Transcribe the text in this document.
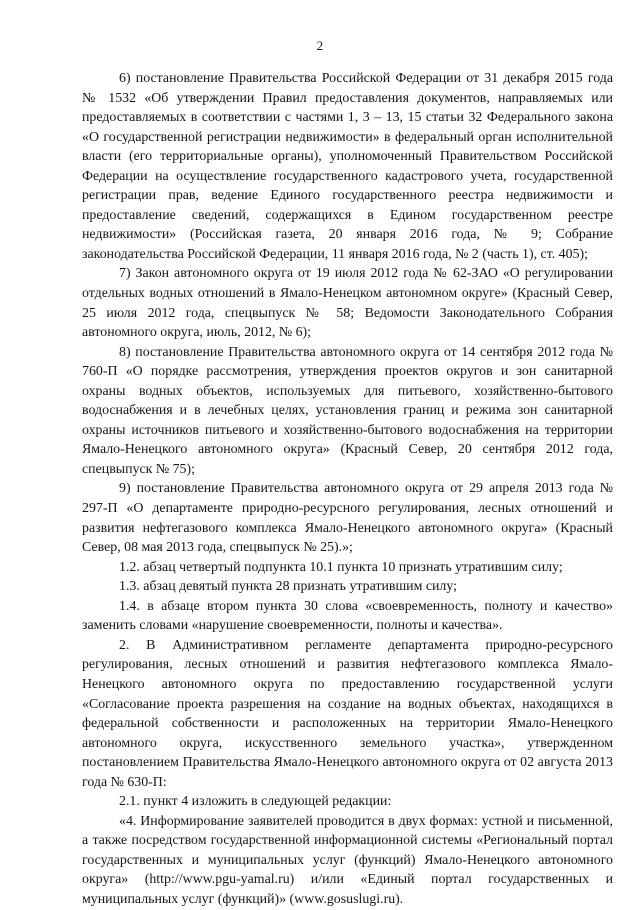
2

6) постановление Правительства Российской Федерации от 31 декабря 2015 года № 1532 «Об утверждении Правил предоставления документов, направляемых или предоставляемых в соответствии с частями 1, 3 – 13, 15 статьи 32 Федерального закона «О государственной регистрации недвижимости» в федеральный орган исполнительной власти (его территориальные органы), уполномоченный Правительством Российской Федерации на осуществление государственного кадастрового учета, государственной регистрации прав, ведение Единого государственного реестра недвижимости и предоставление сведений, содержащихся в Едином государственном реестре недвижимости» (Российская газета, 20 января 2016 года, № 9; Собрание законодательства Российской Федерации, 11 января 2016 года, № 2 (часть 1), ст. 405);

7) Закон автономного округа от 19 июля 2012 года № 62-ЗАО «О регулировании отдельных водных отношений в Ямало-Ненецком автономном округе» (Красный Север, 25 июля 2012 года, спецвыпуск № 58; Ведомости Законодательного Собрания автономного округа, июль, 2012, № 6);

8) постановление Правительства автономного округа от 14 сентября 2012 года № 760-П «О порядке рассмотрения, утверждения проектов округов и зон санитарной охраны водных объектов, используемых для питьевого, хозяйственно-бытового водоснабжения и в лечебных целях, установления границ и режима зон санитарной охраны источников питьевого и хозяйственно-бытового водоснабжения на территории Ямало-Ненецкого автономного округа» (Красный Север, 20 сентября 2012 года, спецвыпуск № 75);

9) постановление Правительства автономного округа от 29 апреля 2013 года № 297-П «О департаменте природно-ресурсного регулирования, лесных отношений и развития нефтегазового комплекса Ямало-Ненецкого автономного округа» (Красный Север, 08 мая 2013 года, спецвыпуск № 25).»;

1.2. абзац четвертый подпункта 10.1 пункта 10 признать утратившим силу;

1.3. абзац девятый пункта 28 признать утратившим силу;

1.4. в абзаце втором пункта 30 слова «своевременность, полноту и качество» заменить словами «нарушение своевременности, полноты и качества».

2. В Административном регламенте департамента природно-ресурсного регулирования, лесных отношений и развития нефтегазового комплекса Ямало-Ненецкого автономного округа по предоставлению государственной услуги «Согласование проекта разрешения на создание на водных объектах, находящихся в федеральной собственности и расположенных на территории Ямало-Ненецкого автономного округа, искусственного земельного участка», утвержденном постановлением Правительства Ямало-Ненецкого автономного округа от 02 августа 2013 года № 630-П:

2.1. пункт 4 изложить в следующей редакции:

«4. Информирование заявителей проводится в двух формах: устной и письменной, а также посредством государственной информационной системы «Региональный портал государственных и муниципальных услуг (функций) Ямало-Ненецкого автономного округа» (http://www.pgu-yamal.ru) и/или «Единый портал государственных и муниципальных услуг (функций)» (www.gosuslugi.ru).
